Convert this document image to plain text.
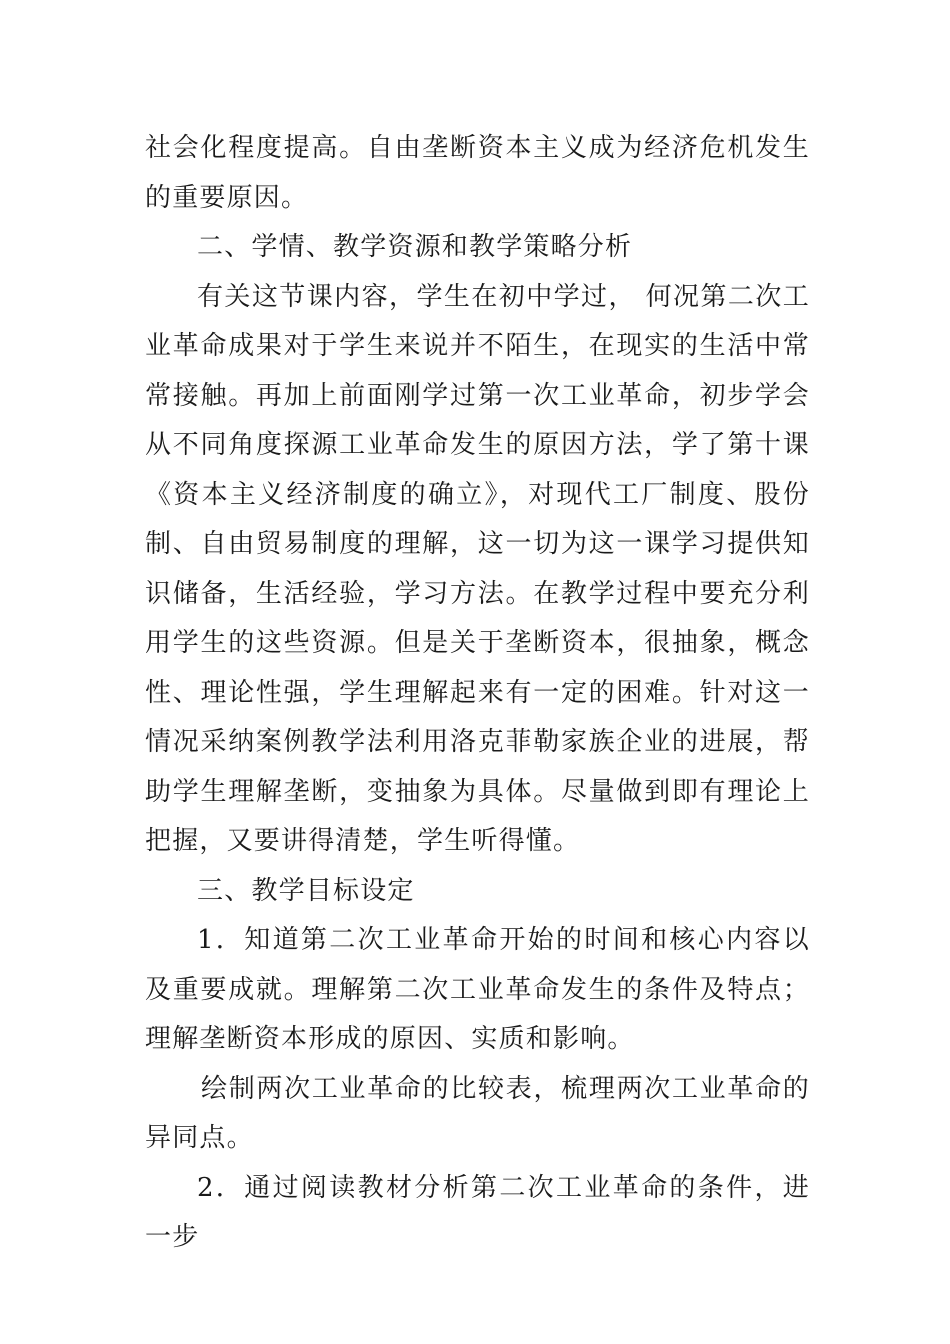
社会化程度提高。自由垄断资本主义成为经济危机发生的重要原因。

二、学情、教学资源和教学策略分析

有关这节课内容，学生在初中学过， 何况第二次工业革命成果对于学生来说并不陌生，在现实的生活中常常接触。再加上前面刚学过第一次工业革命，初步学会从不同角度探源工业革命发生的原因方法，学了第十课《资本主义经济制度的确立》，对现代工厂制度、股份制、自由贸易制度的理解，这一切为这一课学习提供知识储备，生活经验，学习方法。在教学过程中要充分利用学生的这些资源。但是关于垄断资本，很抽象，概念性、理论性强，学生理解起来有一定的困难。针对这一情况采纳案例教学法利用洛克菲勒家族企业的进展，帮助学生理解垄断，变抽象为具体。尽量做到即有理论上把握，又要讲得清楚，学生听得懂。

三、教学目标设定

1．知道第二次工业革命开始的时间和核心内容以及重要成就。理解第二次工业革命发生的条件及特点；理解垄断资本形成的原因、实质和影响。

绘制两次工业革命的比较表，梳理两次工业革命的异同点。

2．通过阅读教材分析第二次工业革命的条件，进一步
